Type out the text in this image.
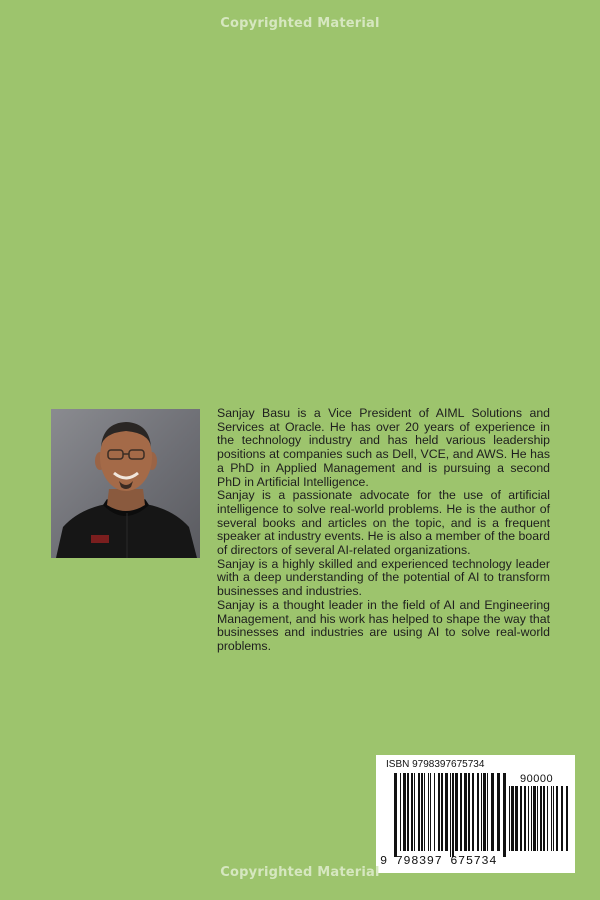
Copyrighted Material

Sanjay Basu is a Vice President of AIML Solutions and Services at Oracle. He has over 20 years of experience in the technology industry and has held various leadership positions at companies such as Dell, VCE, and AWS. He has a PhD in Applied Management and is pursuing a second PhD in Artificial Intelligence.

Sanjay is a passionate advocate for the use of artificial intelligence to solve real-world problems. He is the author of several books and articles on the topic, and is a frequent speaker at industry events. He is also a member of the board of directors of several AI-related organizations.

Sanjay is a highly skilled and experienced technology leader with a deep understanding of the potential of AI to transform businesses and industries.

Sanjay is a thought leader in the field of AI and Engineering Management, and his work has helped to shape the way that businesses and industries are using AI to solve real-world problems.

ISBN 9798397675734
90000
9 798397 675734
Copyrighted Material
